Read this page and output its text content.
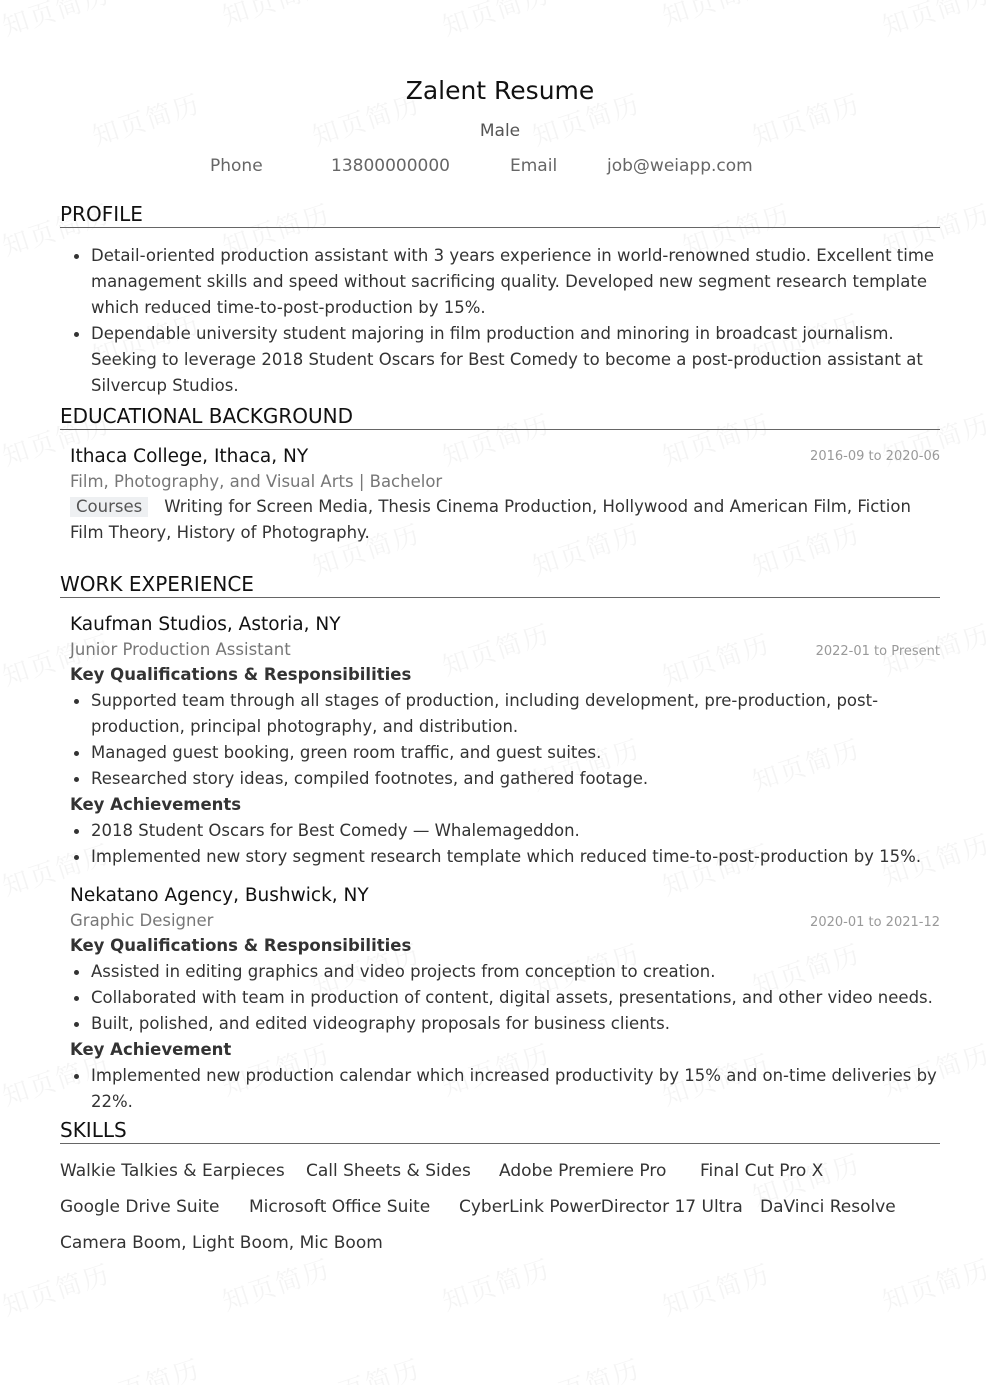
Zalent Resume
Male
Phone	13800000000	Email	job@weiapp.com
PROFILE
Detail-oriented production assistant with 3 years experience in world-renowned studio. Excellent time management skills and speed without sacrificing quality. Developed new segment research template which reduced time-to-post-production by 15%.
Dependable university student majoring in film production and minoring in broadcast journalism. Seeking to leverage 2018 Student Oscars for Best Comedy to become a post-production assistant at Silvercup Studios.
EDUCATIONAL BACKGROUND
Ithaca College, Ithaca, NY	2016-09 to 2020-06
Film, Photography, and Visual Arts | Bachelor
Courses Writing for Screen Media, Thesis Cinema Production, Hollywood and American Film, Fiction Film Theory, History of Photography.
WORK EXPERIENCE
Kaufman Studios, Astoria, NY
Junior Production Assistant	2022-01 to Present
Key Qualifications & Responsibilities
Supported team through all stages of production, including development, pre-production, post-production, principal photography, and distribution.
Managed guest booking, green room traffic, and guest suites.
Researched story ideas, compiled footnotes, and gathered footage.
Key Achievements
2018 Student Oscars for Best Comedy — Whalemageddon.
Implemented new story segment research template which reduced time-to-post-production by 15%.
Nekatano Agency, Bushwick, NY
Graphic Designer	2020-01 to 2021-12
Key Qualifications & Responsibilities
Assisted in editing graphics and video projects from conception to creation.
Collaborated with team in production of content, digital assets, presentations, and other video needs.
Built, polished, and edited videography proposals for business clients.
Key Achievement
Implemented new production calendar which increased productivity by 15% and on-time deliveries by 22%.
SKILLS
Walkie Talkies & Earpieces Call Sheets & Sides Adobe Premiere Pro Final Cut Pro X
Google Drive Suite Microsoft Office Suite CyberLink PowerDirector 17 Ultra DaVinci Resolve
Camera Boom, Light Boom, Mic Boom
